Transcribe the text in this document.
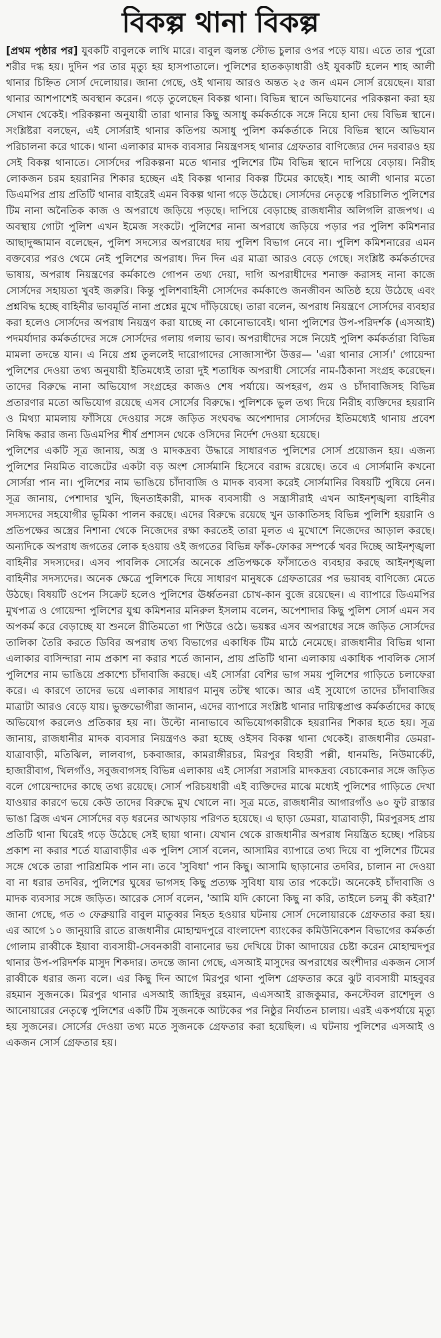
বিকল্প থানা বিকল্প

[প্রথম পৃষ্ঠার পর] যুবকটি বাবুলকে লাথি মারে। বাবুল জ্বলন্ত স্টোভ চুলার ওপর পড়ে যায়। এতে তার পুরো শরীর দগ্ধ হয়। দুদিন পর তার মৃত্যু হয় হাসপাতালে। পুলিশের হাতকড়াধারী ওই যুবকটি হলেন শাহ আলী থানার চিহ্নিত সোর্স দেলোয়ার। জানা গেছে, ওই থানায় আরও অন্তত ২৫ জন এমন সোর্স রয়েছেন। যারা থানার আশপাশেই অবস্থান করেন। গড়ে তুলেছেন বিকল্প থানা। বিভিন্ন স্থানে অভিযানের পরিকল্পনা করা হয় সেখান থেকেই। পরিকল্পনা অনুযায়ী তারা থানার কিছু অসাধু কর্মকর্তাকে সঙ্গে নিয়ে হানা দেয় বিভিন্ন স্থানে। সংশ্লিষ্টরা বলছেন, এই সোর্সরাই থানার কতিপয় অসাধু পুলিশ কর্মকর্তাকে নিয়ে বিভিন্ন স্থানে অভিযান পরিচালনা করে থাকে। থানা এলাকার মাদক ব্যবসার নিয়ন্ত্রণসহ থানার গ্রেফতার বাণিজ্যের দেন দরবারও হয় সেই বিকল্প থানাতে। সোর্সদের পরিকল্পনা মতে থানার পুলিশের টিম বিভিন্ন স্থানে দাপিয়ে বেড়ায়। নিরীহ লোকজন চরম হয়রানির শিকার হচ্ছেন এই বিকল্প থানার বিকল্প টিমের কাছেই। শাহ আলী থানার মতো ডিএমপির প্রায় প্রতিটি থানার বাইরেই এমন বিকল্প থানা গড়ে উঠেছে। সোর্সদের নেতৃত্বে পরিচালিত পুলিশের টিম নানা অনৈতিক কাজ ও অপরাধে জড়িয়ে পড়ছে। দাপিয়ে বেড়াচ্ছে রাজধানীর অলিগলি রাজপথ। এ অবস্থায় গোটা পুলিশ এখন ইমেজ সংকটে। পুলিশের নানা অপরাধে জড়িয়ে পড়ার পর পুলিশ কমিশনার আছাদুজ্জামান বলেছেন, পুলিশ সদস্যের অপরাধের দায় পুলিশ বিভাগ নেবে না। পুলিশ কমিশনারের এমন বক্তব্যের পরও থেমে নেই পুলিশের অপরাধ। দিন দিন এর মাত্রা আরও বেড়ে গেছে। সংশ্লিষ্ট কর্মকর্তাদের ভাষায়, অপরাধ নিয়ন্ত্রণের কর্মকাণ্ডে গোপন তথ্য দেয়া, দাগি অপরাধীদের শনাক্ত করাসহ নানা কাজে সোর্সদের সহায়তা খুবই জরুরি। কিন্তু পুলিশবাহিনী সোর্সদের কর্মকাণ্ডে জনজীবন অতিষ্ঠ হয়ে উঠেছে এবং প্রশ্নবিদ্ধ হচ্ছে বাহিনীর ভাবমূর্তি নানা প্রশ্নের মুখে দাঁড়িয়েছে। তারা বলেন, অপরাধ নিয়ন্ত্রণে সোর্সদের ব্যবহার করা হলেও সোর্সদের অপরাধ নিয়ন্ত্রণ করা যাচ্ছে না কোনোভাবেই। থানা পুলিশের উপ-পরিদর্শক (এসআই) পদমর্যাদার কর্মকর্তাদের সঙ্গে সোর্সদের গলায় গলায় ভাব। অপরাধীদের সঙ্গে নিয়েই পুলিশ কর্মকর্তারা বিভিন্ন মামলা তদন্তে যান। এ নিয়ে প্রশ্ন তুললেই দারোগাদের সোজাসাপ্টা উত্তর— 'এরা থানার সোর্স।' গোয়েন্দা পুলিশের দেওয়া তথ্য অনুযায়ী ইতিমধ্যেই তারা দুই শতাধিক অপরাধী সোর্সের নাম-ঠিকানা সংগ্রহ করেছেন। তাদের বিরুদ্ধে নানা অভিযোগ সংগ্রহের কাজও শেষ পর্যায়ে। অপহরণ, গুম ও চাঁদাবাজিসহ বিভিন্ন প্রতারণার মতো অভিযোগ রয়েছে এসব সোর্সের বিরুদ্ধে। পুলিশকে ভুল তথ্য দিয়ে নিরীহ ব্যক্তিদের হয়রানি ও মিথ্যা মামলায় ফাঁসিয়ে দেওয়ার সঙ্গে জড়িত সংঘবদ্ধ অপেশাদার সোর্সদের ইতিমধ্যেই থানায় প্রবেশ নিষিদ্ধ করার জন্য ডিএমপির শীর্ষ প্রশাসন থেকে ওসিদের নির্দেশ দেওয়া হয়েছে।

পুলিশের একটি সূত্র জানায়, অস্ত্র ও মাদকদ্রব্য উদ্ধারে সাধারণত পুলিশের সোর্স প্রয়োজন হয়। এজন্য পুলিশের নিয়মিত বাজেটের একটা বড় অংশ সোর্সমানি হিসেবে বরাদ্দ রয়েছে। তবে এ সোর্সমানি কখনো সোর্সরা পান না। পুলিশের নাম ভাঙিয়ে চাঁদাবাজি ও মাদক ব্যবসা করেই সোর্সমানির বিষয়টি পুষিয়ে নেন। সূত্র জানায়, পেশাদার খুনি, ছিনতাইকারী, মাদক ব্যবসায়ী ও সন্ত্রাসীরাই এখন আইনশৃঙ্খলা বাহিনীর সদস্যদের সহযোগীর ভূমিকা পালন করছে। এদের বিরুদ্ধে রয়েছে খুন ডাকাতিসহ বিভিন্ন পুলিশি হয়রানি ও প্রতিপক্ষের অস্ত্রের নিশানা থেকে নিজেদের রক্ষা করতেই তারা মূলত এ মুখোশে নিজেদের আড়াল করছে। অন্যদিকে অপরাধ জগতের লোক হওয়ায় ওই জগতের বিভিন্ন ফাঁক-ফোকর সম্পর্কে খবর দিচ্ছে আইনশৃঙ্খলা বাহিনীর সদস্যদের। এসব পাবলিক সোর্সের অনেকে প্রতিপক্ষকে ফাঁসাতেও ব্যবহার করছে আইনশৃঙ্খলা বাহিনীর সদস্যদের। অনেক ক্ষেত্রে পুলিশকে দিয়ে সাধারণ মানুষকে গ্রেফতারের পর ভয়াবহ বাণিজ্যে মেতে উঠছে। বিষয়টি ওপেন সিক্রেট হলেও পুলিশের ঊর্ধ্বতনরা চোখ-কান বুজে রয়েছেন। এ ব্যাপারে ডিএমপির মুখপাত্র ও গোয়েন্দা পুলিশের যুগ্ম কমিশনার মনিরুল ইসলাম বলেন, অপেশাদার কিছু পুলিশ সোর্স এমন সব অপকর্ম করে বেড়াচ্ছে যা শুনলে রীতিমতো গা শিউরে ওঠে। ভয়ঙ্কর এসব অপরাধের সঙ্গে জড়িত সোর্সদের তালিকা তৈরি করতে ডিবির অপরাধ তথ্য বিভাগের একাধিক টিম মাঠে নেমেছে। রাজধানীর বিভিন্ন থানা এলাকার বাসিন্দারা নাম প্রকাশ না করার শর্তে জানান, প্রায় প্রতিটি থানা এলাকায় একাধিক পাবলিক সোর্স পুলিশের নাম ভাঙিয়ে প্রকাশ্যে চাঁদাবাজি করছে। এই সোর্সরা বেশির ভাগ সময় পুলিশের গাড়িতে চলাফেরা করে। এ কারণে তাদের ভয়ে এলাকার সাধারণ মানুষ তটস্থ থাকে। আর এই সুযোগে তাদের চাঁদাবাজির মাত্রাটা আরও বেড়ে যায়। ভুক্তভোগীরা জানান, এদের ব্যাপারে সংশ্লিষ্ট থানার দায়িত্বপ্রাপ্ত কর্মকর্তাদের কাছে অভিযোগ করলেও প্রতিকার হয় না। উল্টো নানাভাবে অভিযোগকারীকে হয়রানির শিকার হতে হয়। সূত্র জানায়, রাজধানীর মাদক ব্যবসার নিয়ন্ত্রণও করা হচ্ছে ওইসব বিকল্প থানা থেকেই। রাজধানীর ডেমরা-যাত্রাবাড়ী, মতিঝিল, লালবাগ, চকবাজার, কামরাঙ্গীরচর, মিরপুর বিহারী পল্লী, ধানমন্ডি, নিউমার্কেট, হাজারীবাগ, খিলগাঁও, সবুজবাগসহ বিভিন্ন এলাকায় এই সোর্সরা সরাসরি মাদকদ্রব্য বেচাকেনার সঙ্গে জড়িত বলে গোয়েন্দাদের কাছে তথ্য রয়েছে। সোর্স পরিচয়ধারী এই ব্যক্তিদের মাঝে মধ্যেই পুলিশের গাড়িতে দেখা যাওয়ার কারণে ভয়ে কেউ তাদের বিরুদ্ধে মুখ খোলে না। সূত্র মতে, রাজধানীর আগারগাঁও ৬০ ফুট রাস্তার ভাঙা ব্রিজ এখন সোর্সদের বড় ধরনের আখড়ায় পরিণত হয়েছে। এ ছাড়া ডেমরা, যাত্রাবাড়ী, মিরপুরসহ প্রায় প্রতিটি থানা ঘিরেই গড়ে উঠেছে সেই ছায়া থানা। যেখান থেকে রাজধানীর অপরাধ নিয়ন্ত্রিত হচ্ছে। পরিচয় প্রকাশ না করার শর্তে যাত্রাবাড়ীর এক পুলিশ সোর্স বলেন, আসামির ব্যাপারে তথ্য দিয়ে বা পুলিশের টিমের সঙ্গে থেকে তারা পারিশ্রমিক পান না। তবে 'সুবিধা' পান কিছু। আসামি ছাড়ানোর তদবির, চালান না দেওয়া বা না ধরার তদবির, পুলিশের ঘুষের ভাগসহ কিছু প্রত্যক্ষ সুবিধা যায় তার পকেটে। অনেকেই চাঁদাবাজি ও মাদক ব্যবসার সঙ্গে জড়িত। আরেক সোর্স বলেন, 'আমি যদি কোনো কিছু না করি, তাইলে চলমু কী কইরা?' জানা গেছে, গত ৩ ফেব্রুয়ারি বাবুল মাতুব্বর নিহত হওয়ার ঘটনায় সোর্স দেলোয়ারকে গ্রেফতার করা হয়। এর আগে ১০ জানুয়ারি রাতে রাজধানীর মোহাম্মদপুরে বাংলাদেশ ব্যাংকের কমিউনিকেশন বিভাগের কর্মকর্তা গোলাম রাব্বীকে ইয়াবা ব্যবসায়ী-সেবনকারী বানানোর ভয় দেখিয়ে টাকা আদায়ের চেষ্টা করেন মোহাম্মদপুর থানার উপ-পরিদর্শক মাসুদ শিকদার। তদন্তে জানা গেছে, এসআই মাসুদের অপরাধের অংশীদার একজন সোর্স রাব্বীকে ধরার জন্য বলে। এর কিছু দিন আগে মিরপুর থানা পুলিশ গ্রেফতার করে ঝুট ব্যবসায়ী মাহবুবর রহমান সুজনকে। মিরপুর থানার এসআই জাহিদুর রহমান, এএসআই রাজকুমার, কনস্টেবল রাশেদুল ও আনোয়ারের নেতৃত্বে পুলিশের একটি টিম সুজনকে আটকের পর নিষ্ঠুর নির্যাতন চালায়। এরই একপর্যায়ে মৃত্যু হয় সুজনের। সোর্সের দেওয়া তথ্য মতে সুজনকে গ্রেফতার করা হয়েছিল। এ ঘটনায় পুলিশের এসআই ও একজন সোর্স গ্রেফতার হয়।
